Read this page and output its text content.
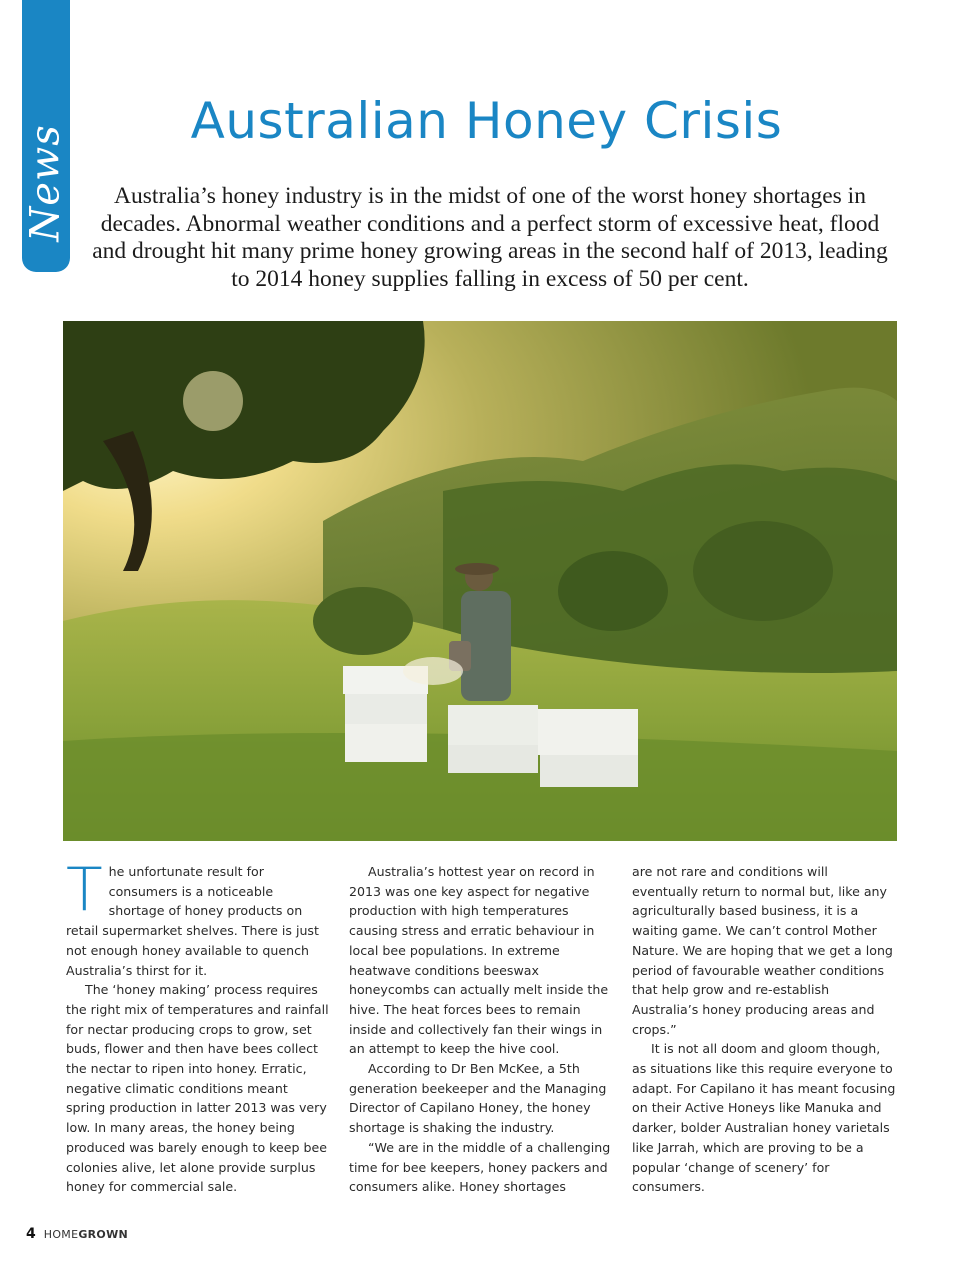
News
Australian Honey Crisis

Australia’s honey industry is in the midst of one of the worst honey shortages in decades. Abnormal weather conditions and a perfect storm of excessive heat, flood and drought hit many prime honey growing areas in the second half of 2013, leading to 2014 honey supplies falling in excess of 50 per cent.

The unfortunate result for consumers is a noticeable shortage of honey products on retail supermarket shelves. There is just not enough honey available to quench Australia’s thirst for it.

The ‘honey making’ process requires the right mix of temperatures and rainfall for nectar producing crops to grow, set buds, flower and then have bees collect the nectar to ripen into honey. Erratic, negative climatic conditions meant spring production in latter 2013 was very low. In many areas, the honey being produced was barely enough to keep bee colonies alive, let alone provide surplus honey for commercial sale.

Australia’s hottest year on record in 2013 was one key aspect for negative production with high temperatures causing stress and erratic behaviour in local bee populations. In extreme heatwave conditions beeswax honeycombs can actually melt inside the hive. The heat forces bees to remain inside and collectively fan their wings in an attempt to keep the hive cool.

According to Dr Ben McKee, a 5th generation beekeeper and the Managing Director of Capilano Honey, the honey shortage is shaking the industry.

“We are in the middle of a challenging time for bee keepers, honey packers and consumers alike. Honey shortages

are not rare and conditions will eventually return to normal but, like any agriculturally based business, it is a waiting game. We can’t control Mother Nature. We are hoping that we get a long period of favourable weather conditions that help grow and re-establish Australia’s honey producing areas and crops.”

It is not all doom and gloom though, as situations like this require everyone to adapt. For Capilano it has meant focusing on their Active Honeys like Manuka and darker, bolder Australian honey varietals like Jarrah, which are proving to be a popular ‘change of scenery’ for consumers.

4 HOMEGROWN
